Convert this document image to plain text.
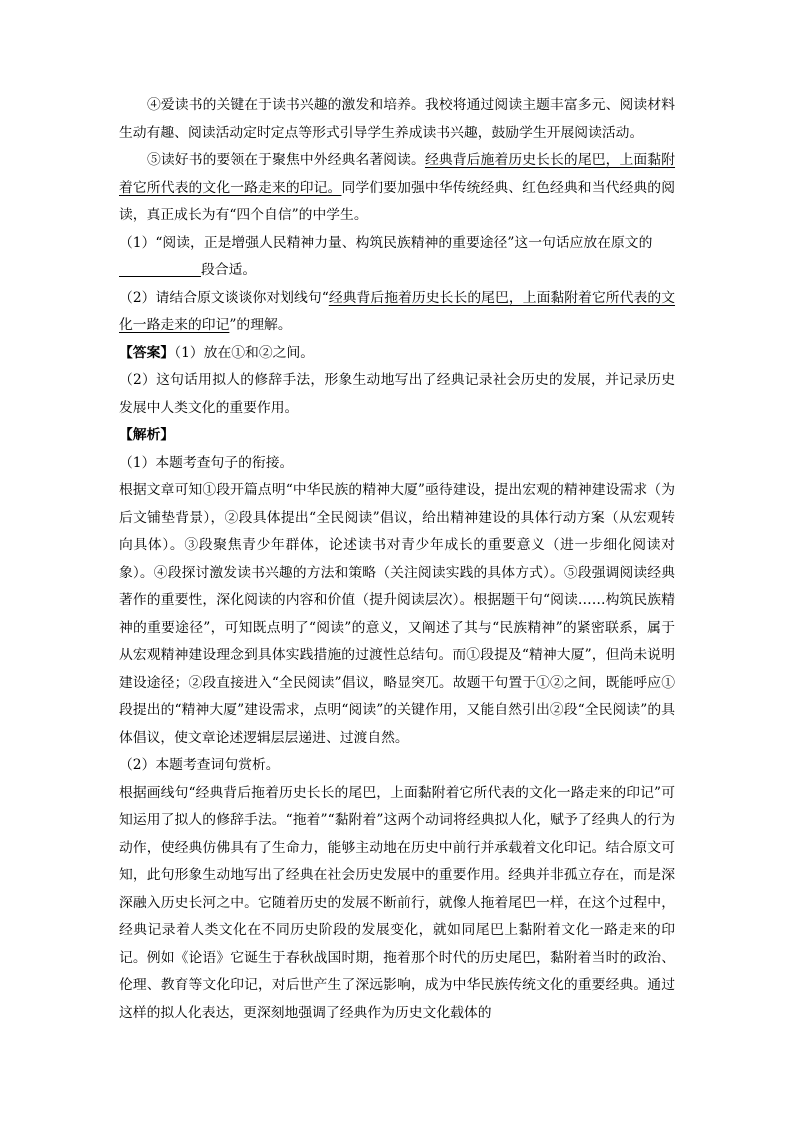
④爱读书的关键在于读书兴趣的激发和培养。我校将通过阅读主题丰富多元、阅读材料生动有趣、阅读活动定时定点等形式引导学生养成读书兴趣，鼓励学生开展阅读活动。

⑤读好书的要领在于聚焦中外经典名著阅读。经典背后施着历史长长的尾巴，上面黏附着它所代表的文化一路走来的印记。同学们要加强中华传统经典、红色经典和当代经典的阅读，真正成长为有“四个自信”的中学生。

（1）“阅读，正是增强人民精神力量、构筑民族精神的重要途径”这一句话应放在原文的
段合适。

（2）请结合原文谈谈你对划线句“经典背后拖着历史长长的尾巴，上面黏附着它所代表的文化一路走来的印记”的理解。

【答案】（1）放在①和②之间。

（2）这句话用拟人的修辞手法，形象生动地写出了经典记录社会历史的发展，并记录历史发展中人类文化的重要作用。

【解析】

（1）本题考查句子的衔接。

根据文章可知①段开篇点明“中华民族的精神大厦”亟待建设，提出宏观的精神建设需求（为后文铺垫背景），②段具体提出“全民阅读”倡议，给出精神建设的具体行动方案（从宏观转向具体）。③段聚焦青少年群体，论述读书对青少年成长的重要意义（进一步细化阅读对象）。④段探讨激发读书兴趣的方法和策略（关注阅读实践的具体方式）。⑤段强调阅读经典著作的重要性，深化阅读的内容和价值（提升阅读层次）。根据题干句“阅读……构筑民族精神的重要途径”，可知既点明了“阅读”的意义，又阐述了其与“民族精神”的紧密联系，属于从宏观精神建设理念到具体实践措施的过渡性总结句。而①段提及“精神大厦”，但尚未说明建设途径；②段直接进入“全民阅读”倡议，略显突兀。故题干句置于①②之间，既能呼应①段提出的“精神大厦”建设需求，点明“阅读”的关键作用，又能自然引出②段“全民阅读”的具体倡议，使文章论述逻辑层层递进、过渡自然。

（2）本题考查词句赏析。

根据画线句“经典背后拖着历史长长的尾巴，上面黏附着它所代表的文化一路走来的印记”可知运用了拟人的修辞手法。“拖着”“黏附着”这两个动词将经典拟人化，赋予了经典人的行为动作，使经典仿佛具有了生命力，能够主动地在历史中前行并承载着文化印记。结合原文可知，此句形象生动地写出了经典在社会历史发展中的重要作用。经典并非孤立存在，而是深深融入历史长河之中。它随着历史的发展不断前行，就像人拖着尾巴一样，在这个过程中，经典记录着人类文化在不同历史阶段的发展变化，就如同尾巴上黏附着文化一路走来的印记。例如《论语》它诞生于春秋战国时期，拖着那个时代的历史尾巴，黏附着当时的政治、伦理、教育等文化印记，对后世产生了深远影响，成为中华民族传统文化的重要经典。通过这样的拟人化表达，更深刻地强调了经典作为历史文化载体的
